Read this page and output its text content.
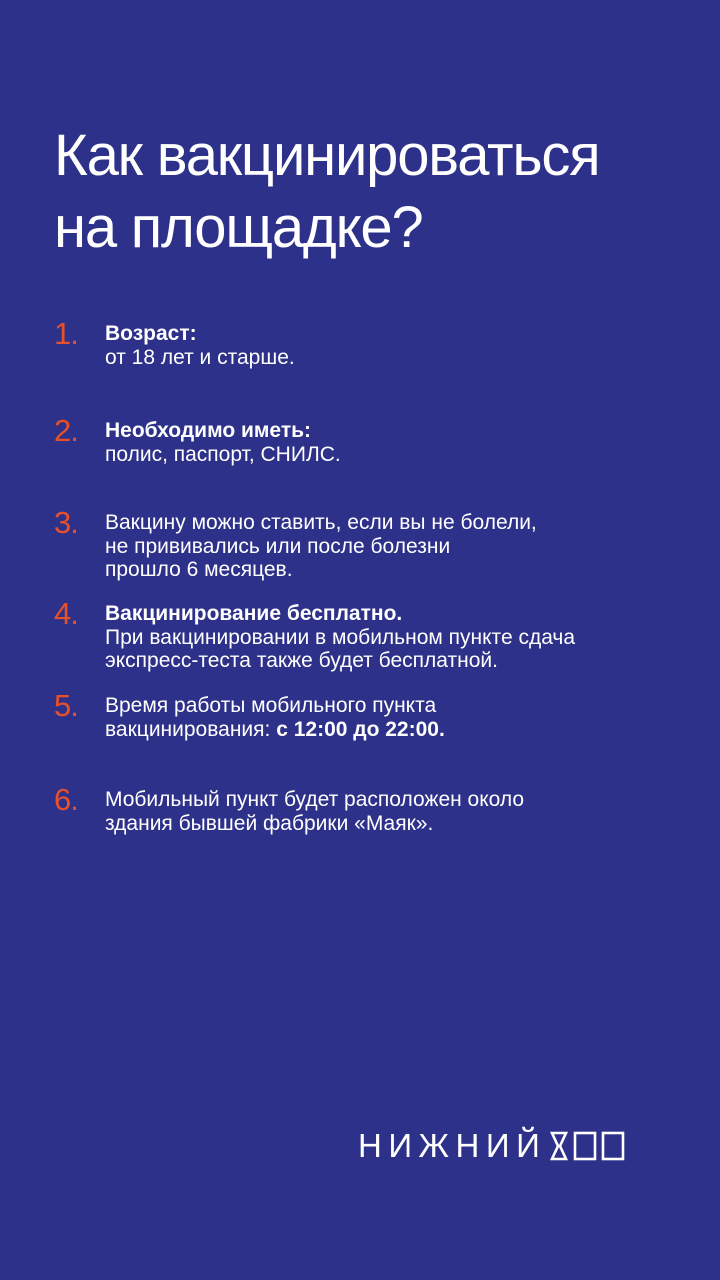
Как вакцинироваться
на площадке?
1. Возраст:
от 18 лет и старше.
2. Необходимо иметь:
полис, паспорт, СНИЛС.
3. Вакцину можно ставить, если вы не болели,
не прививались или после болезни
прошло 6 месяцев.
4. Вакцинирование бесплатно.
При вакцинировании в мобильном пункте сдача
экспресс-теста также будет бесплатной.
5. Время работы мобильного пункта
вакцинирования: с 12:00 до 22:00.
6. Мобильный пункт будет расположен около
здания бывшей фабрики «Маяк».
НИЖНИЙ
